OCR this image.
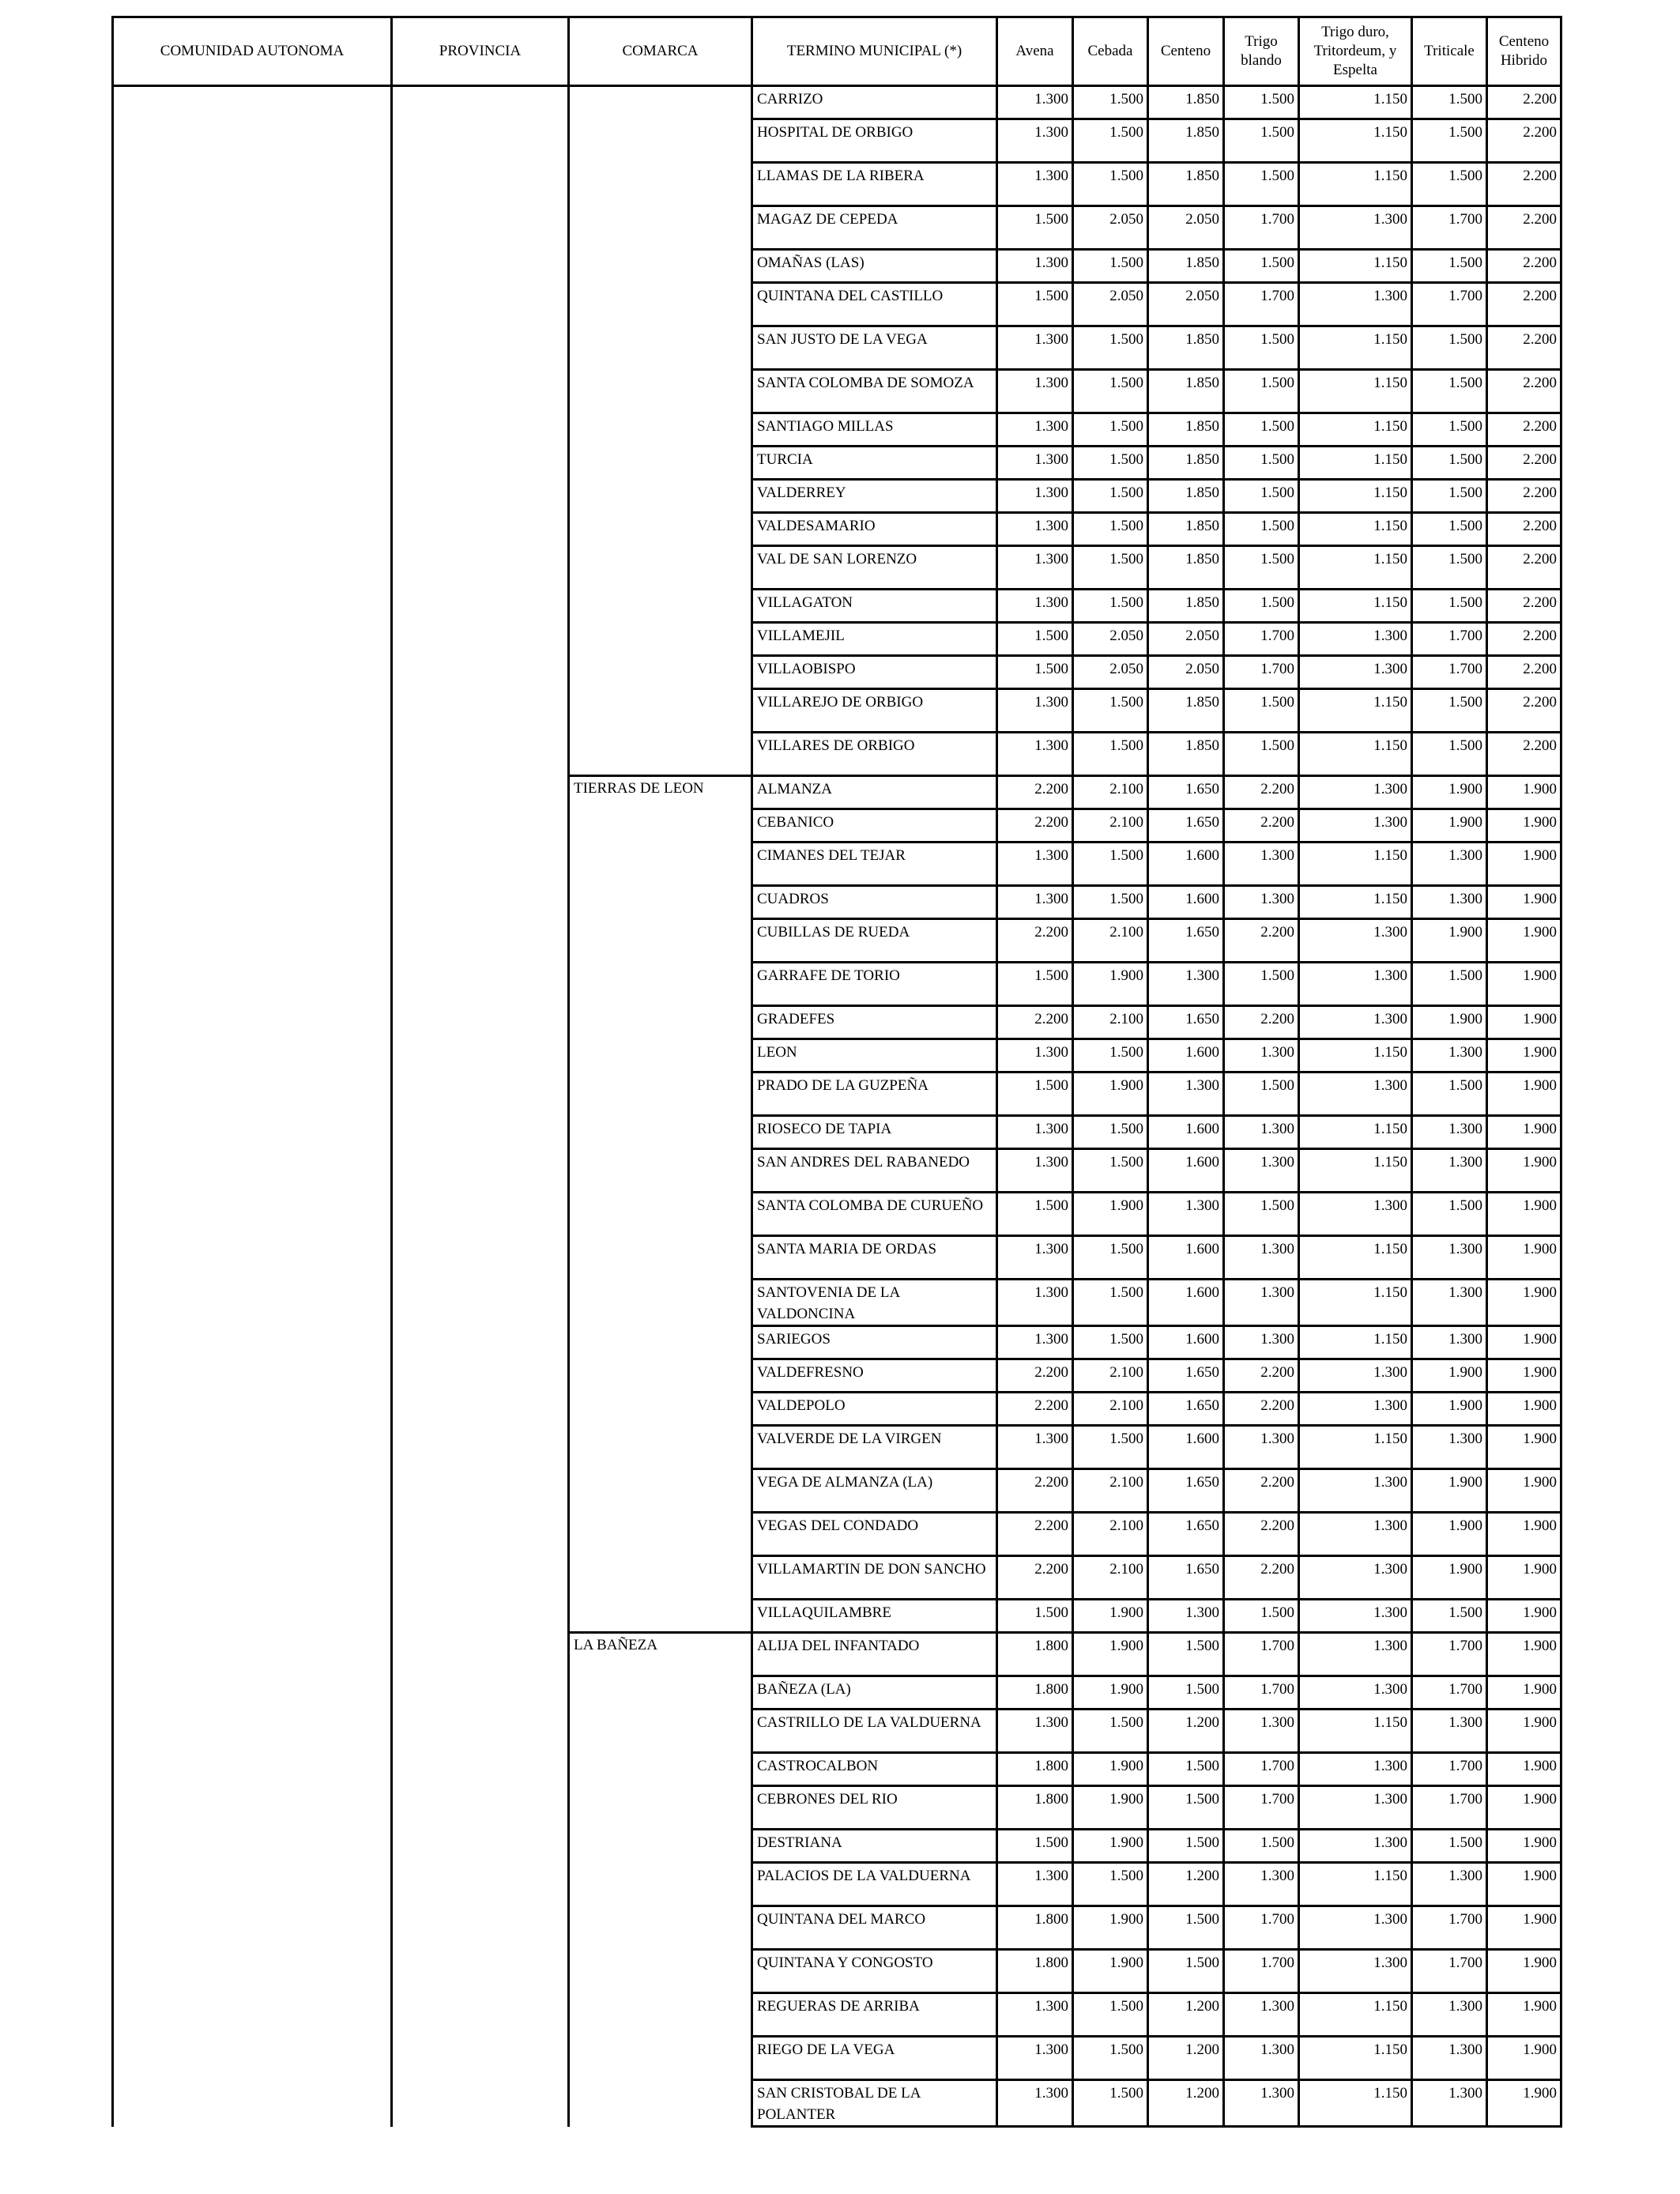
COMUNIDAD AUTONOMA	PROVINCIA	COMARCA	TERMINO MUNICIPAL (*)	Avena	Cebada	Centeno	Trigo blando	Trigo duro, Tritordeum, y Espelta	Triticale	Centeno Hibrido
			CARRIZO	1.300	1.500	1.850	1.500	1.150	1.500	2.200
			HOSPITAL DE ORBIGO	1.300	1.500	1.850	1.500	1.150	1.500	2.200
			LLAMAS DE LA RIBERA	1.300	1.500	1.850	1.500	1.150	1.500	2.200
			MAGAZ DE CEPEDA	1.500	2.050	2.050	1.700	1.300	1.700	2.200
			OMAÑAS (LAS)	1.300	1.500	1.850	1.500	1.150	1.500	2.200
			QUINTANA DEL CASTILLO	1.500	2.050	2.050	1.700	1.300	1.700	2.200
			SAN JUSTO DE LA VEGA	1.300	1.500	1.850	1.500	1.150	1.500	2.200
			SANTA COLOMBA DE SOMOZA	1.300	1.500	1.850	1.500	1.150	1.500	2.200
			SANTIAGO MILLAS	1.300	1.500	1.850	1.500	1.150	1.500	2.200
			TURCIA	1.300	1.500	1.850	1.500	1.150	1.500	2.200
			VALDERREY	1.300	1.500	1.850	1.500	1.150	1.500	2.200
			VALDESAMARIO	1.300	1.500	1.850	1.500	1.150	1.500	2.200
			VAL DE SAN LORENZO	1.300	1.500	1.850	1.500	1.150	1.500	2.200
			VILLAGATON	1.300	1.500	1.850	1.500	1.150	1.500	2.200
			VILLAMEJIL	1.500	2.050	2.050	1.700	1.300	1.700	2.200
			VILLAOBISPO	1.500	2.050	2.050	1.700	1.300	1.700	2.200
			VILLAREJO DE ORBIGO	1.300	1.500	1.850	1.500	1.150	1.500	2.200
			VILLARES DE ORBIGO	1.300	1.500	1.850	1.500	1.150	1.500	2.200
		TIERRAS DE LEON	ALMANZA	2.200	2.100	1.650	2.200	1.300	1.900	1.900
			CEBANICO	2.200	2.100	1.650	2.200	1.300	1.900	1.900
			CIMANES DEL TEJAR	1.300	1.500	1.600	1.300	1.150	1.300	1.900
			CUADROS	1.300	1.500	1.600	1.300	1.150	1.300	1.900
			CUBILLAS DE RUEDA	2.200	2.100	1.650	2.200	1.300	1.900	1.900
			GARRAFE DE TORIO	1.500	1.900	1.300	1.500	1.300	1.500	1.900
			GRADEFES	2.200	2.100	1.650	2.200	1.300	1.900	1.900
			LEON	1.300	1.500	1.600	1.300	1.150	1.300	1.900
			PRADO DE LA GUZPEÑA	1.500	1.900	1.300	1.500	1.300	1.500	1.900
			RIOSECO DE TAPIA	1.300	1.500	1.600	1.300	1.150	1.300	1.900
			SAN ANDRES DEL RABANEDO	1.300	1.500	1.600	1.300	1.150	1.300	1.900
			SANTA COLOMBA DE CURUEÑO	1.500	1.900	1.300	1.500	1.300	1.500	1.900
			SANTA MARIA DE ORDAS	1.300	1.500	1.600	1.300	1.150	1.300	1.900
			SANTOVENIA DE LA VALDONCINA	1.300	1.500	1.600	1.300	1.150	1.300	1.900
			SARIEGOS	1.300	1.500	1.600	1.300	1.150	1.300	1.900
			VALDEFRESNO	2.200	2.100	1.650	2.200	1.300	1.900	1.900
			VALDEPOLO	2.200	2.100	1.650	2.200	1.300	1.900	1.900
			VALVERDE DE LA VIRGEN	1.300	1.500	1.600	1.300	1.150	1.300	1.900
			VEGA DE ALMANZA (LA)	2.200	2.100	1.650	2.200	1.300	1.900	1.900
			VEGAS DEL CONDADO	2.200	2.100	1.650	2.200	1.300	1.900	1.900
			VILLAMARTIN DE DON SANCHO	2.200	2.100	1.650	2.200	1.300	1.900	1.900
			VILLAQUILAMBRE	1.500	1.900	1.300	1.500	1.300	1.500	1.900
		LA BAÑEZA	ALIJA DEL INFANTADO	1.800	1.900	1.500	1.700	1.300	1.700	1.900
			BAÑEZA (LA)	1.800	1.900	1.500	1.700	1.300	1.700	1.900
			CASTRILLO DE LA VALDUERNA	1.300	1.500	1.200	1.300	1.150	1.300	1.900
			CASTROCALBON	1.800	1.900	1.500	1.700	1.300	1.700	1.900
			CEBRONES DEL RIO	1.800	1.900	1.500	1.700	1.300	1.700	1.900
			DESTRIANA	1.500	1.900	1.500	1.500	1.300	1.500	1.900
			PALACIOS DE LA VALDUERNA	1.300	1.500	1.200	1.300	1.150	1.300	1.900
			QUINTANA DEL MARCO	1.800	1.900	1.500	1.700	1.300	1.700	1.900
			QUINTANA Y CONGOSTO	1.800	1.900	1.500	1.700	1.300	1.700	1.900
			REGUERAS DE ARRIBA	1.300	1.500	1.200	1.300	1.150	1.300	1.900
			RIEGO DE LA VEGA	1.300	1.500	1.200	1.300	1.150	1.300	1.900
			SAN CRISTOBAL DE LA POLANTER	1.300	1.500	1.200	1.300	1.150	1.300	1.900
